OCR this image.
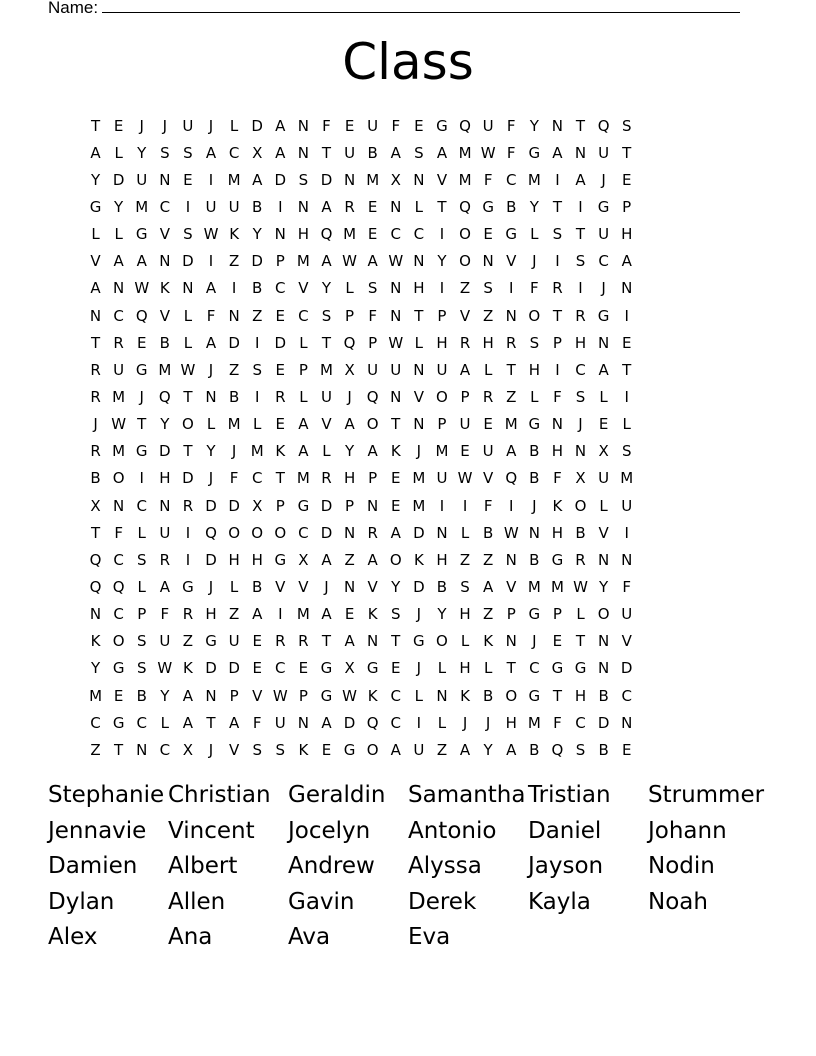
Name:
Class
T E	J	J	U	J	L D A N F E U F E G Q U F Y N T Q S
A L Y S S A C X A N T U B A S A M W F G A N U T
Y D U N E	I M A D S D N M X N V M F C M I	A	J	E
G Y M C	I	U U B	I	N A R E N L T Q G B Y T	I	G P
L L G V S W K Y N H Q M E C C	I O E G L S T U H
V A A N D	I	Z D P M A W A W N Y O N V	J	I	S C A
A N W K N A	I	B C V Y L S N H	I	Z S	I	F R	I	J	N
N C Q V L F N Z E C S P F N T P V Z N O T R G	I
T R E B L A D	I	D L T Q P W L H R H R S P H N E
R U G M W J	Z S E P M X U U N U A L T H	I	C A T
R M J Q T N B	I	R L U	J Q N V O P R Z L F S L	I
J W T Y O L M L E A V A O T N P U E M G N	J	E L
R M G D T Y	J M K A L Y A K	J M E U A B H N X S
B O I	H D	J	F C T M R H P E M U W V Q B F X U M
X N C N R D D X P G D P N E M I	I	F	I	J	K O L U
T F L U	I Q O O O C D N R A D N L B W N H B V	I
Q C S R	I	D H H G X A Z A O K H Z Z N B G R N N
Q Q L A G	J	L B V V	J	N V Y D B S A V M M W Y F
N C P F R H Z A	I M A E K S	J	Y H Z P G P L O U
K O S U Z G U E R R T A N T G O L K N	J	E T N V
Y G S W K D D E C E G X G E	J	L H L T C G G N D
M E B Y A N P V W P G W K C L N K B O G T H B C
C G C L A T A F U N A D Q C	I	L	J	J	H M F C D N
Z T N C X	J	V S S K E G O A U Z A Y A B Q S B E
Stephanie Christian Geraldin Samantha Tristian	Strummer
Jennavie Vincent	Jocelyn	Antonio	Daniel	Johann
Damien	Albert	Andrew	Alyssa	Jayson	Nodin
Dylan	Allen	Gavin	Derek	Kayla	Noah
Alex	Ana	Ava	Eva
